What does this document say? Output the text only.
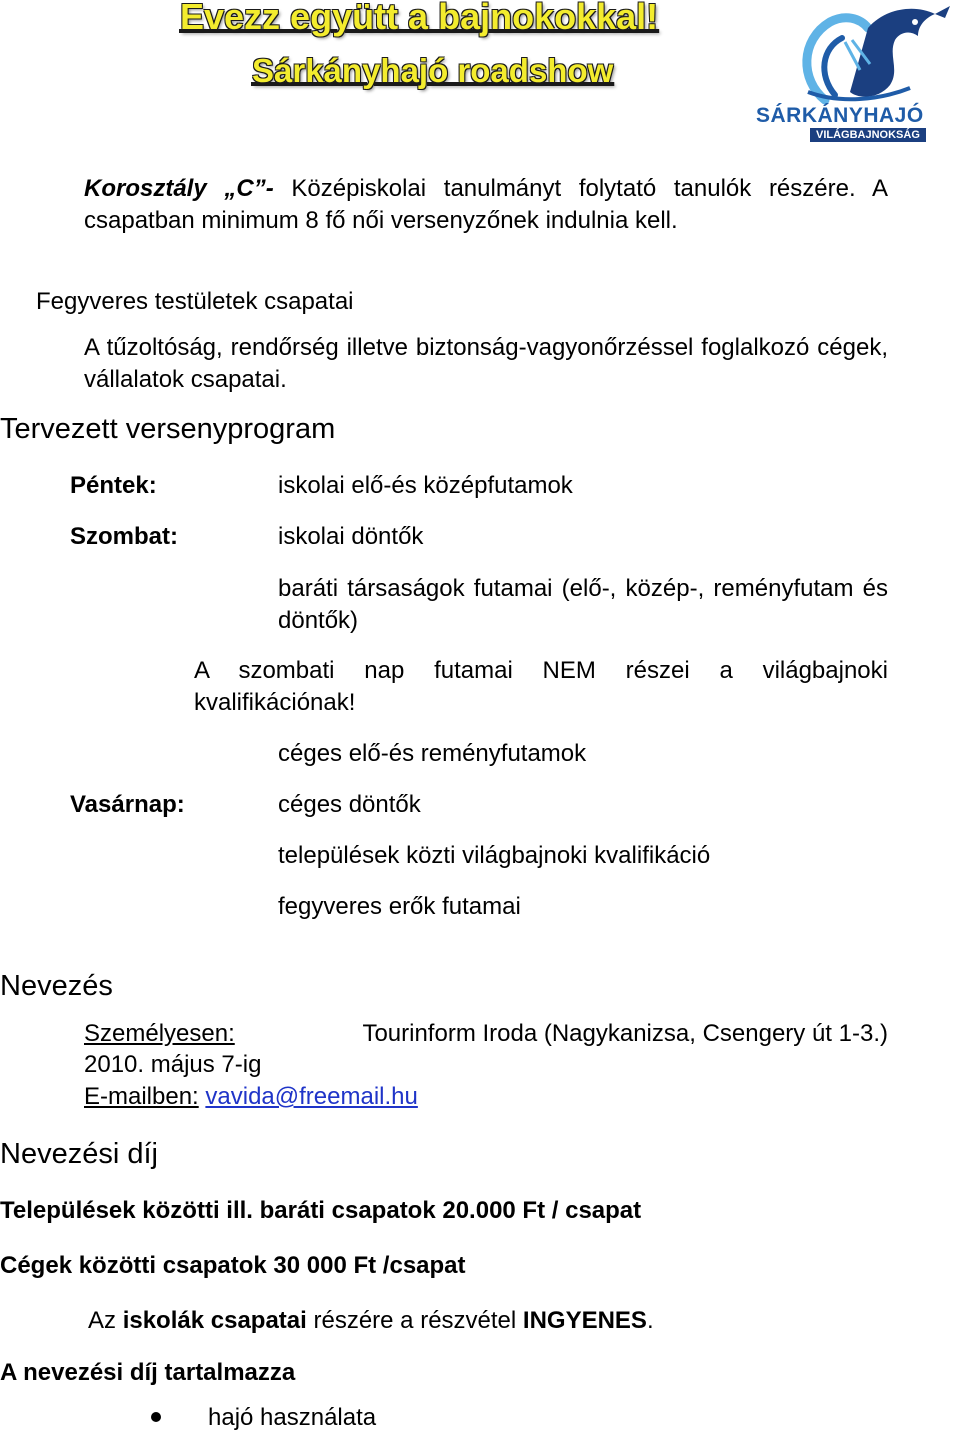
Evezz együtt a bajnokokkal!
Sárkányhajó roadshow
SÁRKÁNYHAJÓ
VILÁGBAJNOKSÁG
Korosztály „C”- Középiskolai tanulmányt folytató tanulók részére. A csapatban minimum 8 fő női versenyzőnek indulnia kell.
Fegyveres testületek csapatai
A tűzoltóság, rendőrség illetve biztonság-vagyonőrzéssel foglalkozó cégek, vállalatok csapatai.
Tervezett versenyprogram
Péntek:	iskolai elő-és középfutamok
Szombat:	iskolai döntők
baráti társaságok futamai (elő-, közép-, reményfutam és döntők)
A szombati nap futamai NEM részei a világbajnoki kvalifikációnak!
céges elő-és reményfutamok
Vasárnap:	céges döntők
települések közti világbajnoki kvalifikáció
fegyveres erők futamai
Nevezés
Személyesen:	Tourinform Iroda (Nagykanizsa, Csengery út 1-3.)
2010. május 7-ig
E-mailben: vavida@freemail.hu
Nevezési díj
Települések közötti ill. baráti csapatok 20.000 Ft / csapat
Cégek közötti csapatok 30 000 Ft /csapat
Az iskolák csapatai részére a részvétel INGYENES.
A nevezési díj tartalmazza
hajó használata
